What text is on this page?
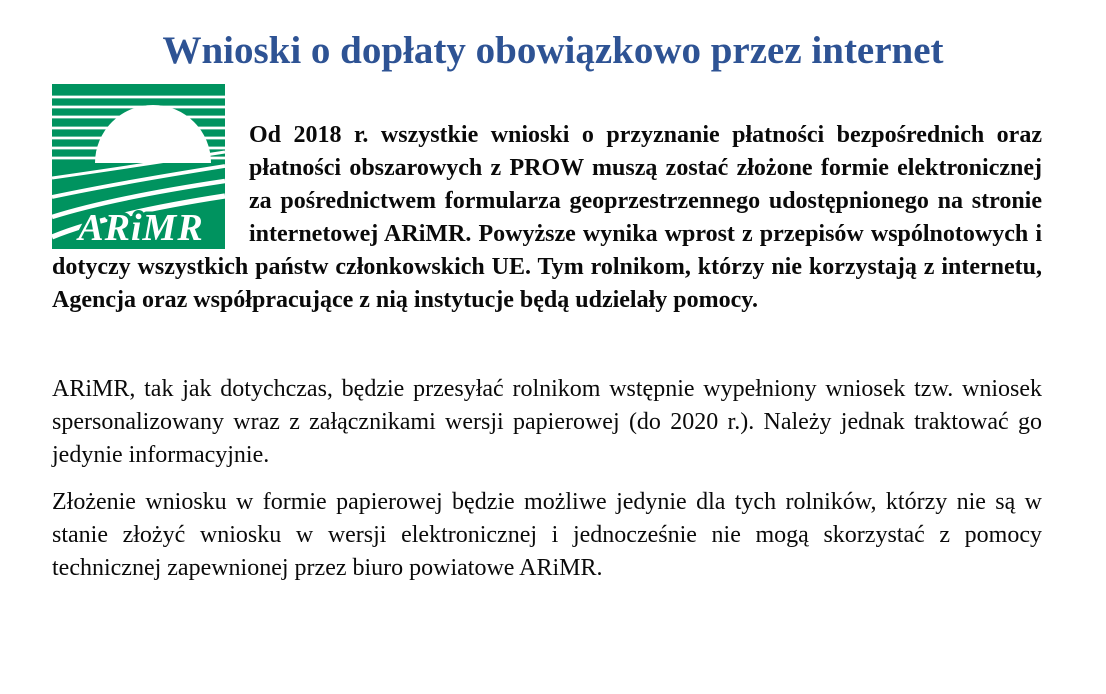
Wnioski o dopłaty obowiązkowo przez internet
ARiMR

Od 2018 r. wszystkie wnioski o przyznanie płatności bezpośrednich oraz płatności obszarowych z PROW muszą zostać złożone formie elektronicznej za pośrednictwem formularza geoprzestrzennego udostępnionego na stronie internetowej ARiMR. Powyższe wynika wprost z przepisów wspólnotowych i dotyczy wszystkich państw członkowskich UE. Tym rolnikom, którzy nie korzystają z internetu, Agencja oraz współpracujące z nią instytucje będą udzielały pomocy.

ARiMR, tak jak dotychczas, będzie przesyłać rolnikom wstępnie wypełniony wniosek tzw. wniosek spersonalizowany wraz z załącznikami wersji papierowej (do 2020 r.). Należy jednak traktować go jedynie informacyjnie.

Złożenie wniosku w formie papierowej będzie możliwe jedynie dla tych rolników, którzy nie są w stanie złożyć wniosku w wersji elektronicznej i jednocześnie nie mogą skorzystać z pomocy technicznej zapewnionej przez biuro powiatowe ARiMR.
